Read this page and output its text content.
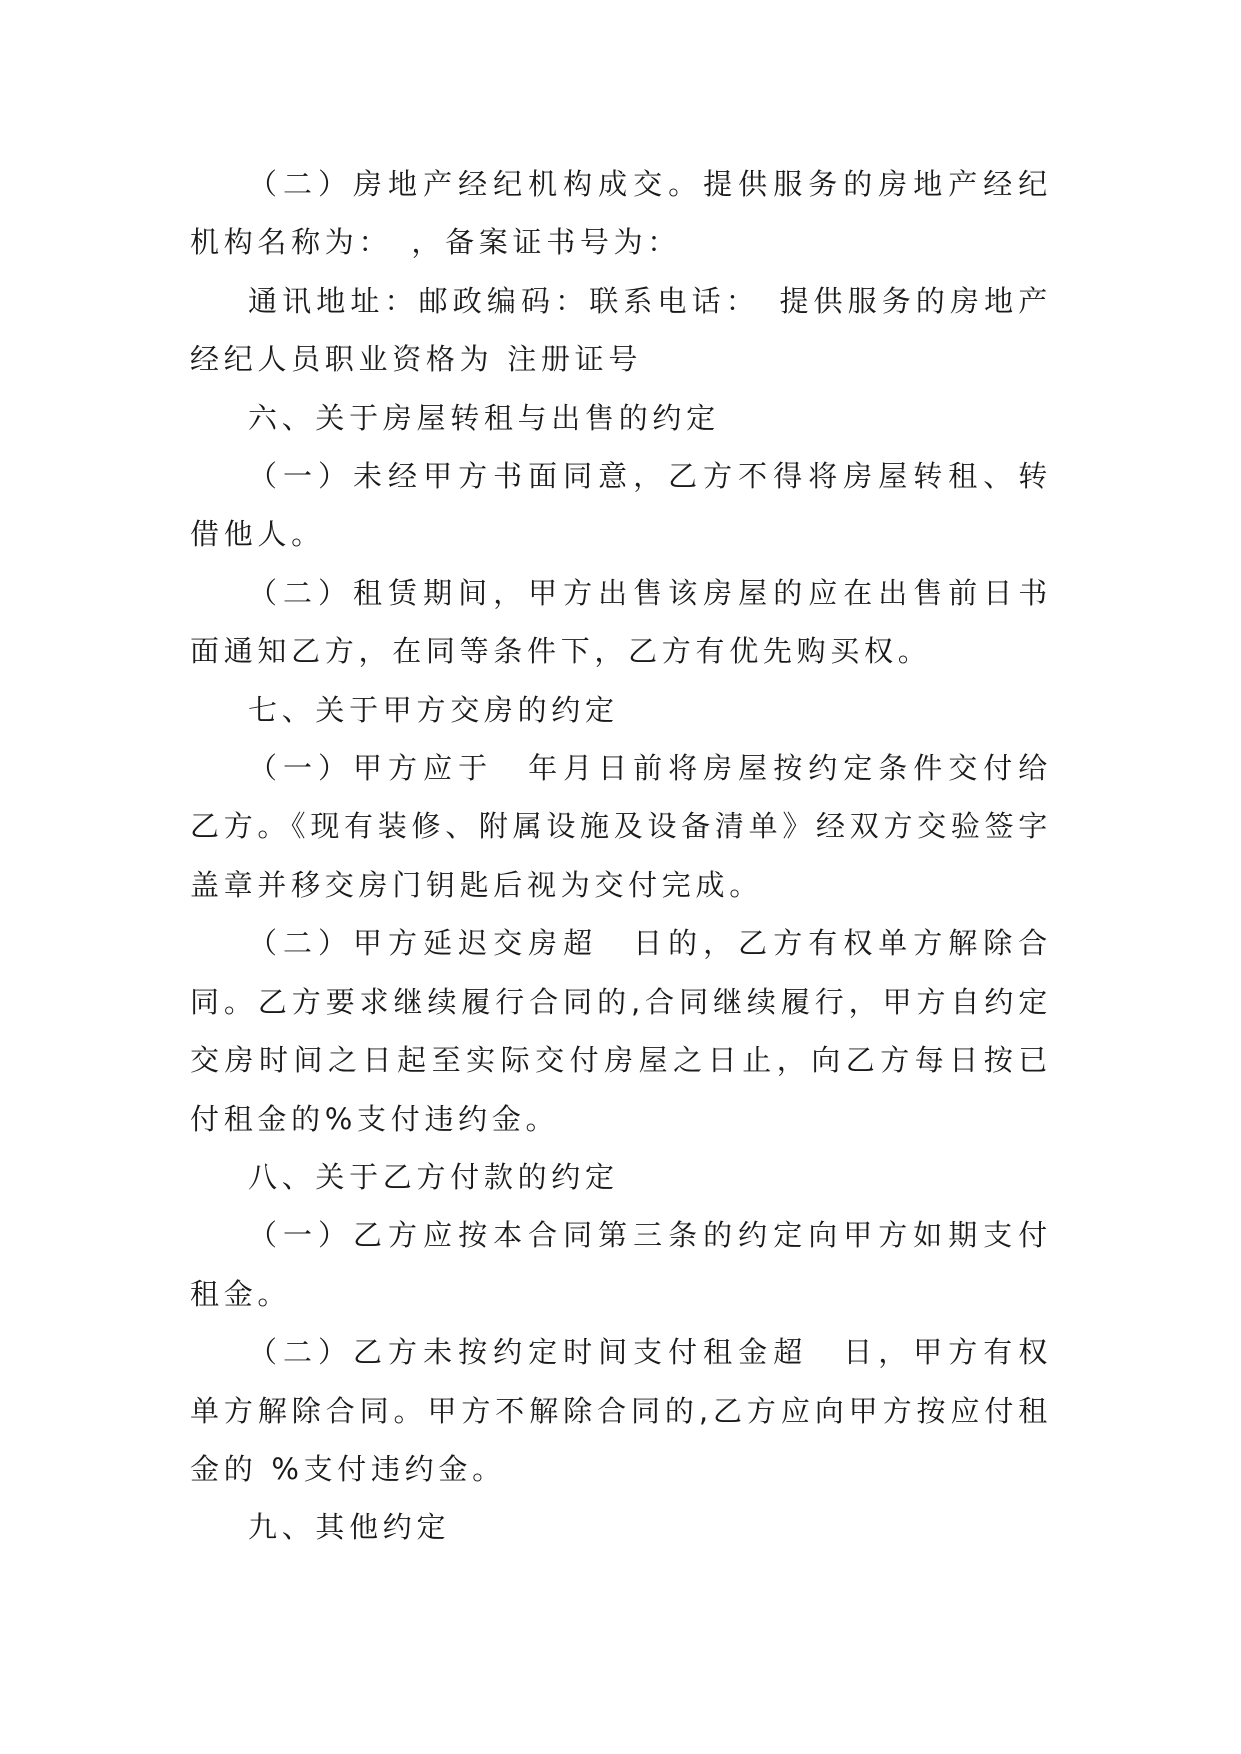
（二）房地产经纪机构成交。提供服务的房地产经纪机构名称为：　，备案证书号为：

通讯地址：邮政编码：联系电话：　提供服务的房地产经纪人员职业资格为 注册证号

六、关于房屋转租与出售的约定

（一）未经甲方书面同意，乙方不得将房屋转租、转借他人。

（二）租赁期间，甲方出售该房屋的应在出售前日书面通知乙方，在同等条件下，乙方有优先购买权。

七、关于甲方交房的约定

（一）甲方应于　年月日前将房屋按约定条件交付给乙方。《现有装修、附属设施及设备清单》经双方交验签字盖章并移交房门钥匙后视为交付完成。

（二）甲方延迟交房超　日的，乙方有权单方解除合同。乙方要求继续履行合同的,合同继续履行，甲方自约定交房时间之日起至实际交付房屋之日止，向乙方每日按已付租金的%支付违约金。

八、关于乙方付款的约定

（一）乙方应按本合同第三条的约定向甲方如期支付租金。

（二）乙方未按约定时间支付租金超　日，甲方有权单方解除合同。甲方不解除合同的,乙方应向甲方按应付租金的 %支付违约金。

九、其他约定
